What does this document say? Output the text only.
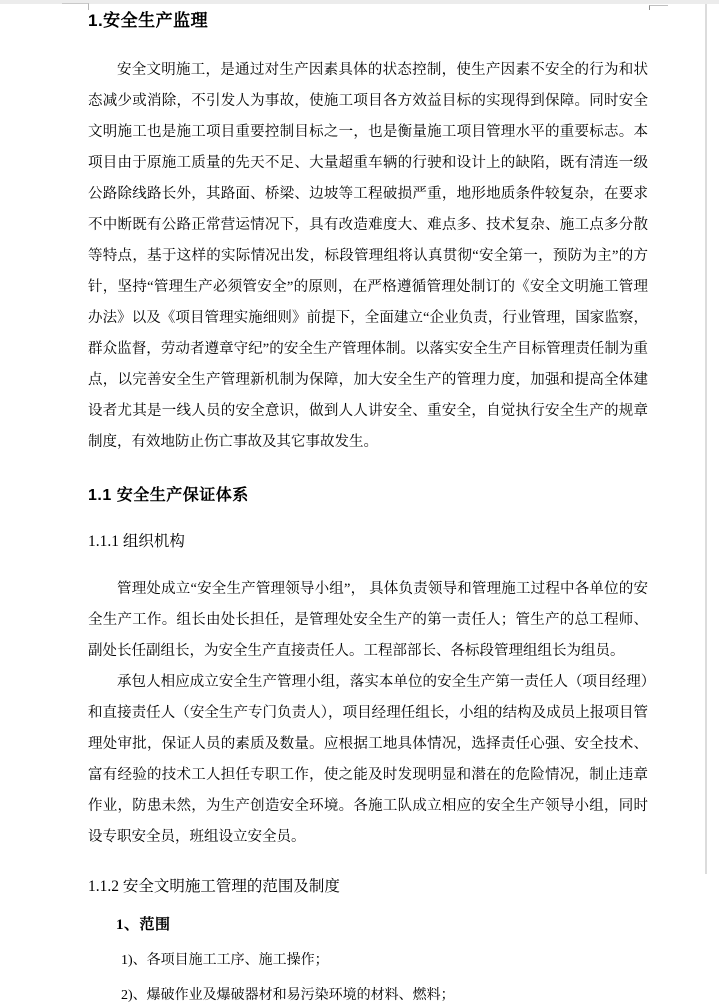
1.安全生产监理

安全文明施工，是通过对生产因素具体的状态控制，使生产因素不安全的行为和状态减少或消除，不引发人为事故，使施工项目各方效益目标的实现得到保障。同时安全文明施工也是施工项目重要控制目标之一，也是衡量施工项目管理水平的重要标志。本项目由于原施工质量的先天不足、大量超重车辆的行驶和设计上的缺陷，既有清连一级公路除线路长外，其路面、桥梁、边坡等工程破损严重，地形地质条件较复杂，在要求不中断既有公路正常营运情况下，具有改造难度大、难点多、技术复杂、施工点多分散等特点，基于这样的实际情况出发，标段管理组将认真贯彻“安全第一，预防为主”的方针，坚持“管理生产必须管安全”的原则，在严格遵循管理处制订的《安全文明施工管理办法》以及《项目管理实施细则》前提下，全面建立“企业负责，行业管理，国家监察，群众监督，劳动者遵章守纪”的安全生产管理体制。以落实安全生产目标管理责任制为重点，以完善安全生产管理新机制为保障，加大安全生产的管理力度，加强和提高全体建设者尤其是一线人员的安全意识，做到人人讲安全、重安全，自觉执行安全生产的规章制度，有效地防止伤亡事故及其它事故发生。

1.1 安全生产保证体系
1.1.1 组织机构

管理处成立“安全生产管理领导小组”， 具体负责领导和管理施工过程中各单位的安全生产工作。组长由处长担任，是管理处安全生产的第一责任人；管生产的总工程师、副处长任副组长，为安全生产直接责任人。工程部部长、各标段管理组组长为组员。

承包人相应成立安全生产管理小组，落实本单位的安全生产第一责任人（项目经理）和直接责任人（安全生产专门负责人），项目经理任组长，小组的结构及成员上报项目管理处审批，保证人员的素质及数量。应根据工地具体情况，选择责任心强、安全技术、富有经验的技术工人担任专职工作，使之能及时发现明显和潜在的危险情况，制止违章作业，防患未然，为生产创造安全环境。各施工队成立相应的安全生产领导小组，同时设专职安全员，班组设立安全员。

1.1.2 安全文明施工管理的范围及制度
1、范围
1)、各项目施工工序、施工操作；
2)、爆破作业及爆破器材和易污染环境的材料、燃料；
